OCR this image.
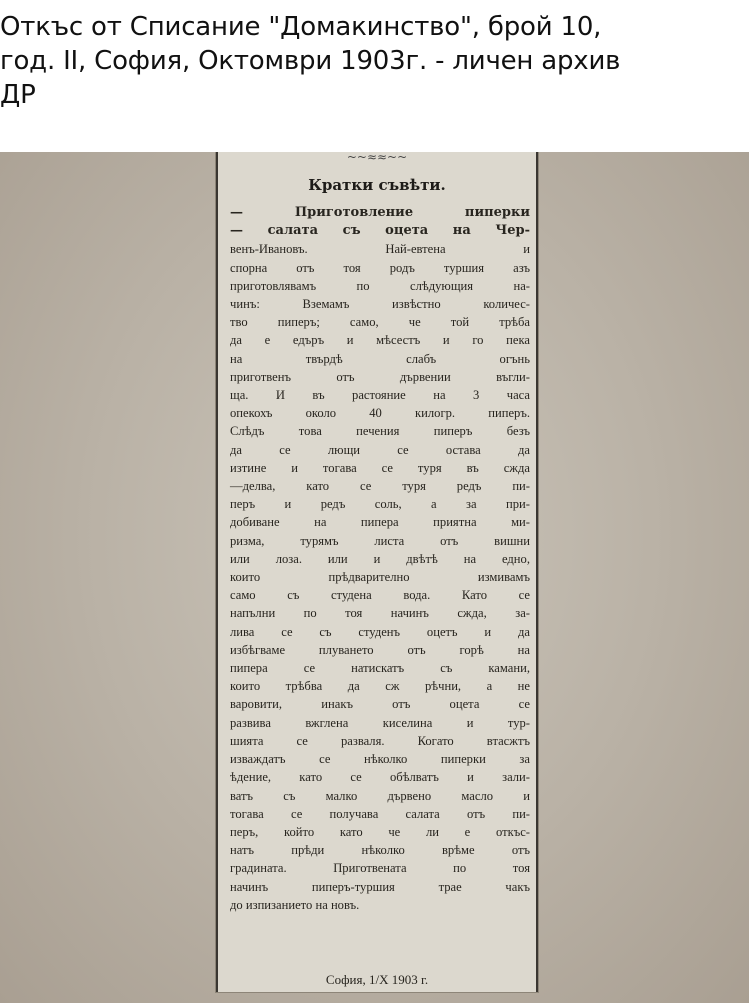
Откъс от Списание "Домакинство", брой 10,
год. II, София, Октомври 1903г. - личен архив
ДР
~~≈≈~~
Кратки съвѣти.
— Приготовление пиперки
— салата съ оцета на Чер-
венъ-Ивановъ. Най-евтена и
спорна отъ тоя родъ туршия азъ
приготовлявамъ по слѣдующия на-
чинъ: Вземамъ извѣстно количес-
тво пиперъ; само, че той трѣба
да е едъръ и мѣсестъ и го пека
на твърдѣ слабъ огънь
приготвенъ отъ дървении въгли-
ща. И въ растояние на 3 часа
опекохъ около 40 килогр. пиперъ.
Слѣдъ това печения пиперъ безъ
да се лющи се остава да
изтине и тогава се туря въ сжда
—делва, като се туря редъ пи-
перъ и редъ соль, а за при-
добиване на пипера приятна ми-
ризма, турямъ листа отъ вишни
или лоза. или и двѣтѣ на едно,
които прѣдварително измивамъ
само съ студена вода. Като се
напълни по тоя начинъ сжда, за-
лива се съ студенъ оцетъ и да
избѣгваме плуването отъ горѣ на
пипера се натискатъ съ камани,
които трѣбва да сж рѣчни, а не
варовити, инакъ отъ оцета се
развива вжглена киселина и тур-
шията се разваля. Когато втасжтъ
изваждатъ се нѣколко пиперки за
ѣдение, като се обѣлватъ и зали-
ватъ съ малко дървено масло и
тогава се получава салата отъ пи-
перъ, който като че ли е откъс-
натъ прѣди нѣколко врѣме отъ
градината. Приготвената по тоя
начинъ пиперъ-туршия трае чакъ
до изпизанието на новъ.
София, 1/X 1903 г.
